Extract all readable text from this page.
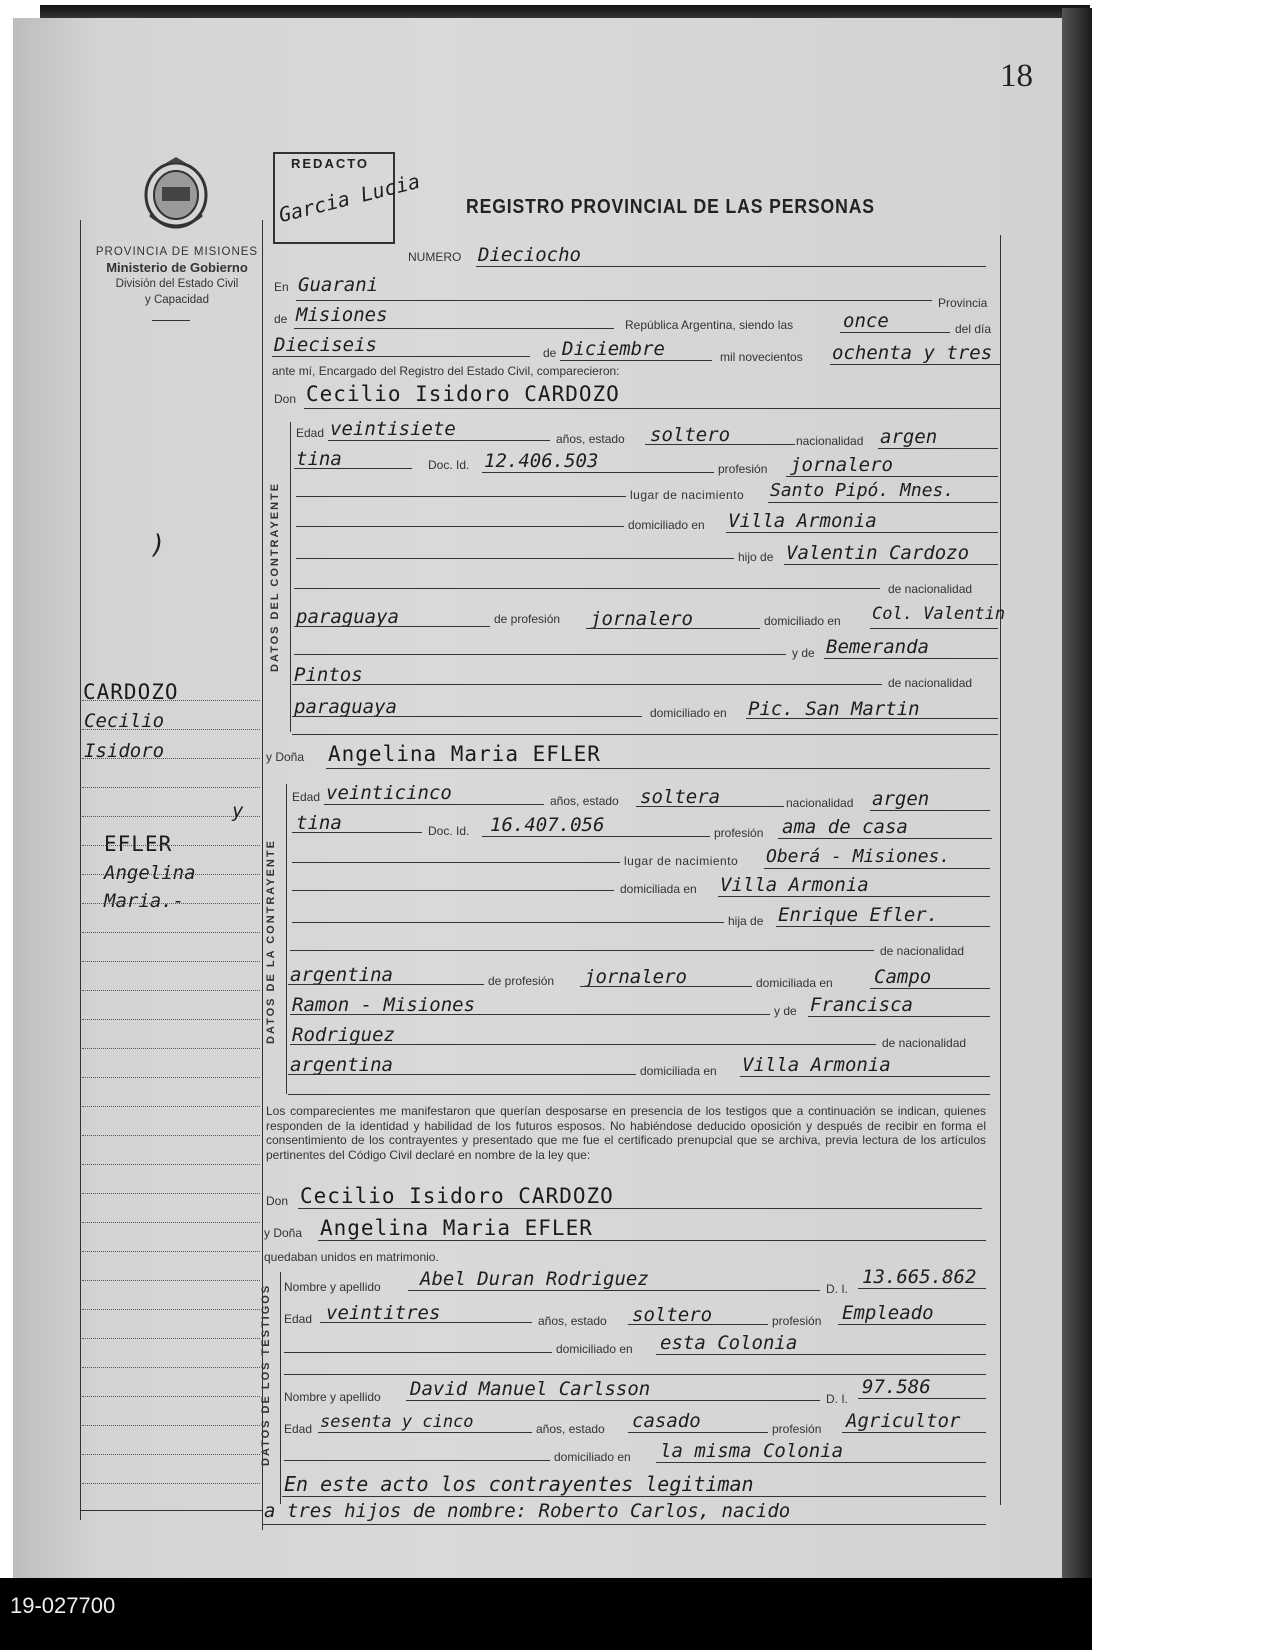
18
PROVINCIA DE MISIONES
Ministerio de Gobierno
División del Estado Civil
y Capacidad
REDACTO
Garcia Lucia REGISTRO PROVINCIAL DE LAS PERSONAS
CARDOZO
Cecilio
Isidoro
y
EFLER
Angelina
Maria.-
)
NUMERO Dieciocho
En Guarani
Provincia
de Misiones	República Argentina, siendo las	once	del día
Dieciseis	de Diciembre	mil novecientos ochenta y tres
ante mí, Encargado del Registro del Estado Civil, comparecieron:
Don Cecilio Isidoro CARDOZO
DATOS DEL CONTRAYENTE
Edad veintisiete	años, estado soltero	nacionalidad argen
tina	Doc. Id. 12.406.503	profesión jornalero
lugar de nacimiento Santo Pipó. Mnes.
domiciliado en Villa Armonia
hijo de Valentin Cardozo
de nacionalidad
paraguaya	de profesión jornalero	domiciliado en Col. Valentin
y de Bemeranda
Pintos	de nacionalidad
paraguaya	domiciliado en Pic. San Martin
y Doña Angelina Maria EFLER
DATOS DE LA CONTRAYENTE
Edad veinticinco	años, estado soltera	nacionalidad argen
tina	Doc. Id. 16.407.056	profesión ama de casa
lugar de nacimiento Oberá - Misiones.
domiciliada en Villa Armonia
hija de Enrique Efler.
de nacionalidad
argentina	de profesión jornalero	domiciliada en Campo
Ramon - Misiones	y de Francisca
Rodriguez	de nacionalidad
argentina	domiciliada en Villa Armonia
Los comparecientes me manifestaron que querían desposarse en presencia de los testigos que a continuación se indican, quienes responden de la identidad y habilidad de los futuros esposos. No habiéndose deducido oposición y después de recibir en forma el consentimiento de los contrayentes y presentado que me fue el certificado prenupcial que se archiva, previa lectura de los artículos pertinentes del Código Civil declaré en nombre de la ley que:
Don Cecilio Isidoro CARDOZO
y Doña Angelina Maria EFLER
quedaban unidos en matrimonio.
DATOS DE LOS TESTIGOS Nombre y apellido Abel Duran Rodriguez	D. I.
13.665.862
Edad veintitres	años, estado soltero	profesión Empleado
domiciliado en esta Colonia
Nombre y apellido David Manuel Carlsson	D. I.
97.586
Edad sesenta y cinco	años, estado casado	profesión Agricultor
domiciliado en la misma Colonia
En este acto los contrayentes legitiman
a tres hijos de nombre: Roberto Carlos, nacido
19-027700
